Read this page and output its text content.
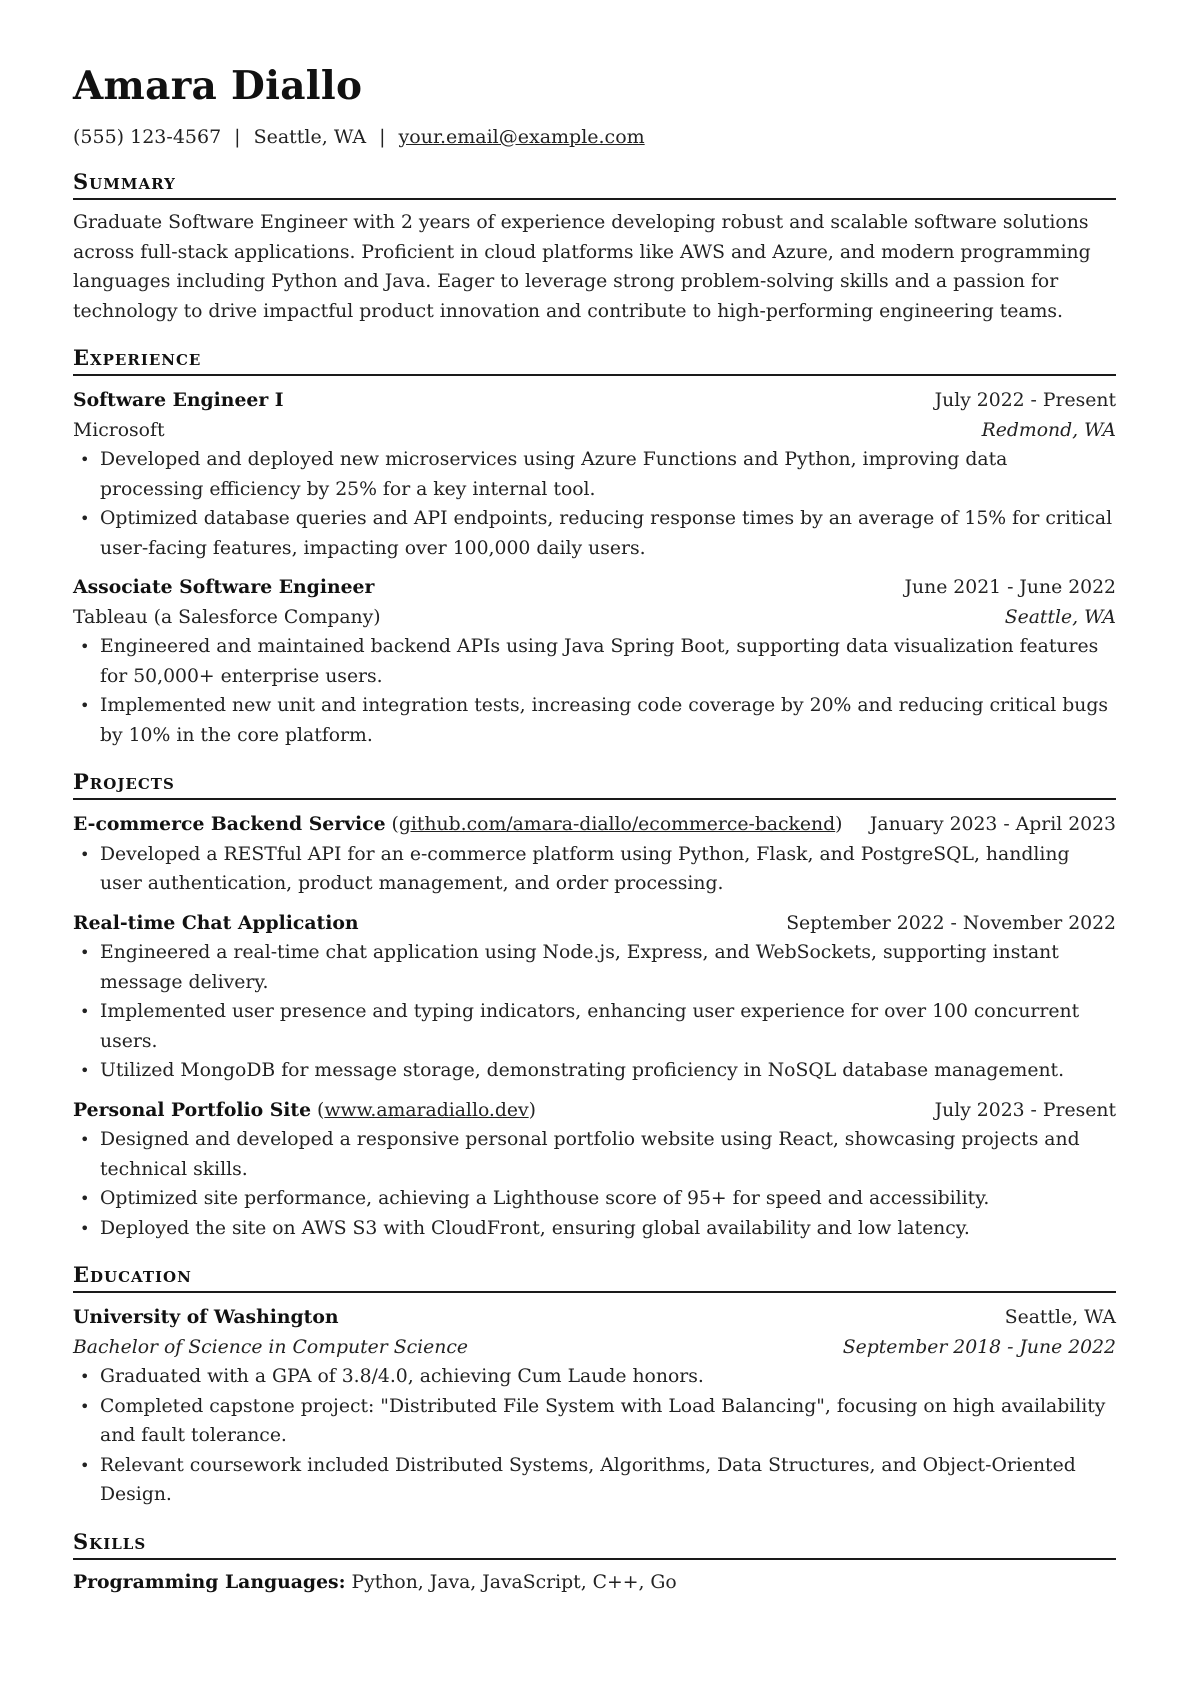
Amara Diallo
(555) 123-4567 | Seattle, WA | your.email@example.com
Summary
Graduate Software Engineer with 2 years of experience developing robust and scalable software solutions across full-stack applications. Proficient in cloud platforms like AWS and Azure, and modern programming languages including Python and Java. Eager to leverage strong problem-solving skills and a passion for technology to drive impactful product innovation and contribute to high-performing engineering teams.
Experience
Software Engineer I	July 2022 - Present
Microsoft	Redmond, WA
• Developed and deployed new microservices using Azure Functions and Python, improving data processing efficiency by 25% for a key internal tool.
• Optimized database queries and API endpoints, reducing response times by an average of 15% for critical user-facing features, impacting over 100,000 daily users.
Associate Software Engineer	June 2021 - June 2022
Tableau (a Salesforce Company)	Seattle, WA
• Engineered and maintained backend APIs using Java Spring Boot, supporting data visualization features for 50,000+ enterprise users.
• Implemented new unit and integration tests, increasing code coverage by 20% and reducing critical bugs by 10% in the core platform.
Projects
E-commerce Backend Service (github.com/amara-diallo/ecommerce-backend) January 2023 - April 2023
• Developed a RESTful API for an e-commerce platform using Python, Flask, and PostgreSQL, handling user authentication, product management, and order processing.
Real-time Chat Application	September 2022 - November 2022
• Engineered a real-time chat application using Node.js, Express, and WebSockets, supporting instant message delivery.
• Implemented user presence and typing indicators, enhancing user experience for over 100 concurrent users.
• Utilized MongoDB for message storage, demonstrating proficiency in NoSQL database management.
Personal Portfolio Site (www.amaradiallo.dev)	July 2023 - Present
• Designed and developed a responsive personal portfolio website using React, showcasing projects and technical skills.
• Optimized site performance, achieving a Lighthouse score of 95+ for speed and accessibility.
• Deployed the site on AWS S3 with CloudFront, ensuring global availability and low latency.
Education
University of Washington	Seattle, WA
Bachelor of Science in Computer Science	September 2018 - June 2022
• Graduated with a GPA of 3.8/4.0, achieving Cum Laude honors.
• Completed capstone project: "Distributed File System with Load Balancing", focusing on high availability and fault tolerance.
• Relevant coursework included Distributed Systems, Algorithms, Data Structures, and Object-Oriented Design.
Skills
Programming Languages: Python, Java, JavaScript, C++, Go
